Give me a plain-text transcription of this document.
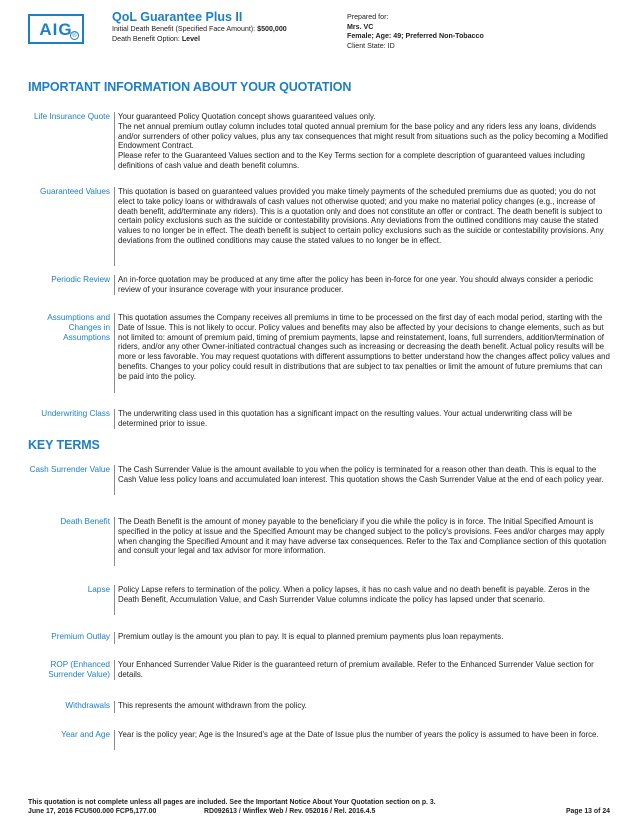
AIG ®
QoL Guarantee Plus II
Initial Death Benefit (Specified Face Amount): $500,000
Death Benefit Option: Level
Prepared for:
Mrs. VC
Female; Age: 49; Preferred Non-Tobacco
Client State: ID
IMPORTANT INFORMATION ABOUT YOUR QUOTATION
Life Insurance Quote Your guaranteed Policy Quotation concept shows guaranteed values only.

The net annual premium outlay column includes total quoted annual premium for the base policy and any riders less any loans, dividends and/or surrenders of other policy values, plus any tax consequences that might result from situations such as the policy becoming a Modified Endowment Contract.

Please refer to the Guaranteed Values section and to the Key Terms section for a complete description of guaranteed values including definitions of cash value and death benefit columns.

Guaranteed Values This quotation is based on guaranteed values provided you make timely payments of the scheduled premiums due as quoted; you do not elect to take policy loans or withdrawals of cash values not otherwise quoted; and you make no material policy changes (e.g., increase of death benefit, add/terminate any riders). This is a quotation only and does not constitute an offer or contract. The death benefit is subject to certain policy exclusions such as the suicide or contestability provisions. Any deviations from the outlined conditions may cause the stated values to no longer be in effect. The death benefit is subject to certain policy exclusions such as the suicide or contestability provisions. Any deviations from the outlined conditions may cause the stated values to no longer be in effect.

Periodic Review An in-force quotation may be produced at any time after the policy has been in-force for one year. You should always consider a periodic review of your insurance coverage with your insurance producer.

Assumptions and Changes in Assumptions

This quotation assumes the Company receives all premiums in time to be processed on the first day of each modal period, starting with the Date of Issue. This is not likely to occur. Policy values and benefits may also be affected by your decisions to change elements, such as but not limited to: amount of premium paid, timing of premium payments, lapse and reinstatement, loans, full surrenders, addition/termination of riders, and/or any other Owner-initiated contractual changes such as increasing or decreasing the death benefit. Actual policy results will be more or less favorable. You may request quotations with different assumptions to better understand how the changes affect policy values and benefits. Changes to your policy could result in distributions that are subject to tax penalties or limit the amount of future premiums that can be paid into the policy.

Underwriting Class The underwriting class used in this quotation has a significant impact on the resulting values. Your actual underwriting class will be determined prior to issue.

KEY TERMS
Cash Surrender Value The Cash Surrender Value is the amount available to you when the policy is terminated for a reason other than death. This is equal to the Cash Value less policy loans and accumulated loan interest. This quotation shows the Cash Surrender Value at the end of each policy year.

Death Benefit The Death Benefit is the amount of money payable to the beneficiary if you die while the policy is in force. The Initial Specified Amount is specified in the policy at issue and the Specified Amount may be changed subject to the policy's provisions. Fees and/or charges may apply when changing the Specified Amount and it may have adverse tax consequences. Refer to the Tax and Compliance section of this quotation and consult your legal and tax advisor for more information.

Lapse Policy Lapse refers to termination of the policy. When a policy lapses, it has no cash value and no death benefit is payable. Zeros in the Death Benefit, Accumulation Value, and Cash Surrender Value columns indicate the policy has lapsed under that scenario.

Premium Outlay Premium outlay is the amount you plan to pay. It is equal to planned premium payments plus loan repayments.

ROP (Enhanced Surrender Value)

Your Enhanced Surrender Value Rider is the guaranteed return of premium available. Refer to the Enhanced Surrender Value section for details.

Withdrawals This represents the amount withdrawn from the policy.

Year and Age Year is the policy year; Age is the Insured's age at the Date of Issue plus the number of years the policy is assumed to have been in force.

This quotation is not complete unless all pages are included. See the Important Notice About Your Quotation section on p. 3.
June 17, 2016 FCU500.000 FCP5,177.00	RD092613 / Winflex Web / Rev. 052016 / Rel. 2016.4.5	Page 13 of 24
